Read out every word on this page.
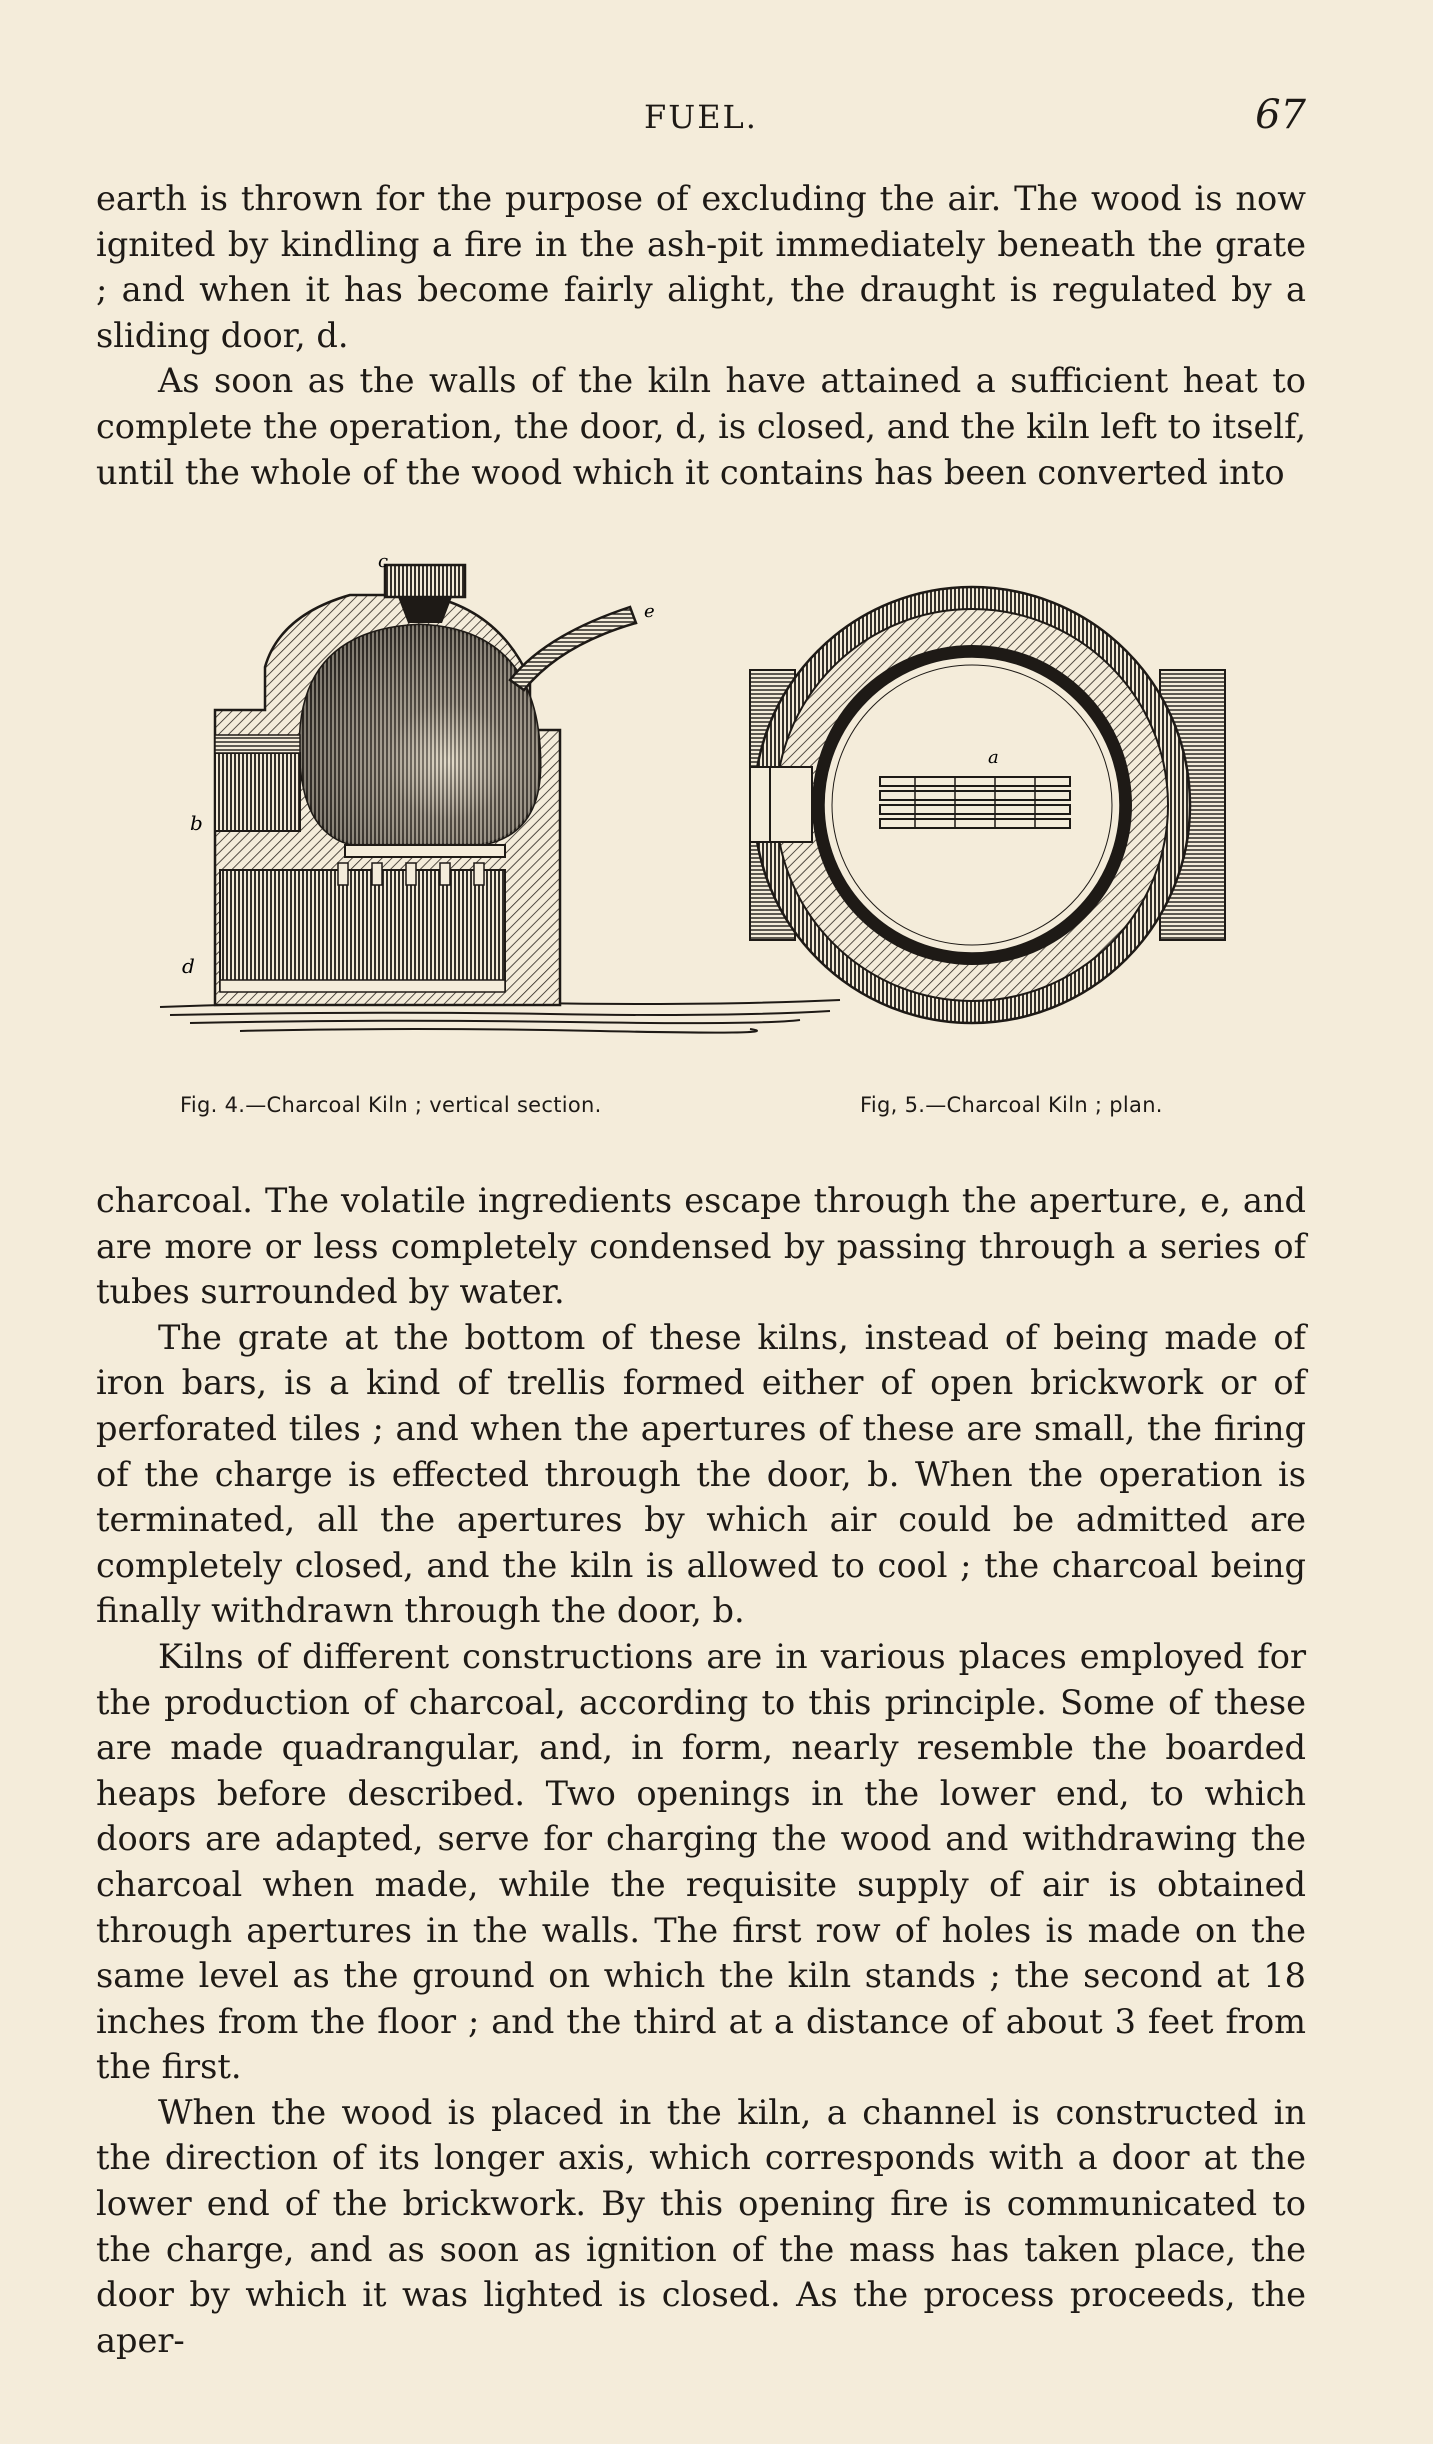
FUEL.	67

earth is thrown for the purpose of excluding the air. The wood is now ignited by kindling a fire in the ash-pit immediately beneath the grate ; and when it has become fairly alight, the draught is regulated by a sliding door, d.

As soon as the walls of the kiln have attained a sufficient heat to complete the operation, the door, d, is closed, and the kiln left to itself, until the whole of the wood which it contains has been converted into

c
e
b
d
a
Fig. 4.—Charcoal Kiln ; vertical section.	Fig, 5.—Charcoal Kiln ; plan.

charcoal. The volatile ingredients escape through the aperture, e, and are more or less completely condensed by passing through a series of tubes surrounded by water.

The grate at the bottom of these kilns, instead of being made of iron bars, is a kind of trellis formed either of open brickwork or of perforated tiles ; and when the apertures of these are small, the firing of the charge is effected through the door, b. When the operation is terminated, all the apertures by which air could be admitted are completely closed, and the kiln is allowed to cool ; the charcoal being finally withdrawn through the door, b.

Kilns of different constructions are in various places employed for the production of charcoal, according to this principle. Some of these are made quadrangular, and, in form, nearly resemble the boarded heaps before described. Two openings in the lower end, to which doors are adapted, serve for charging the wood and withdrawing the charcoal when made, while the requisite supply of air is obtained through apertures in the walls. The first row of holes is made on the same level as the ground on which the kiln stands ; the second at 18 inches from the floor ; and the third at a distance of about 3 feet from the first.

When the wood is placed in the kiln, a channel is constructed in the direction of its longer axis, which corresponds with a door at the lower end of the brickwork. By this opening fire is communicated to the charge, and as soon as ignition of the mass has taken place, the door by which it was lighted is closed. As the process proceeds, the aper-
